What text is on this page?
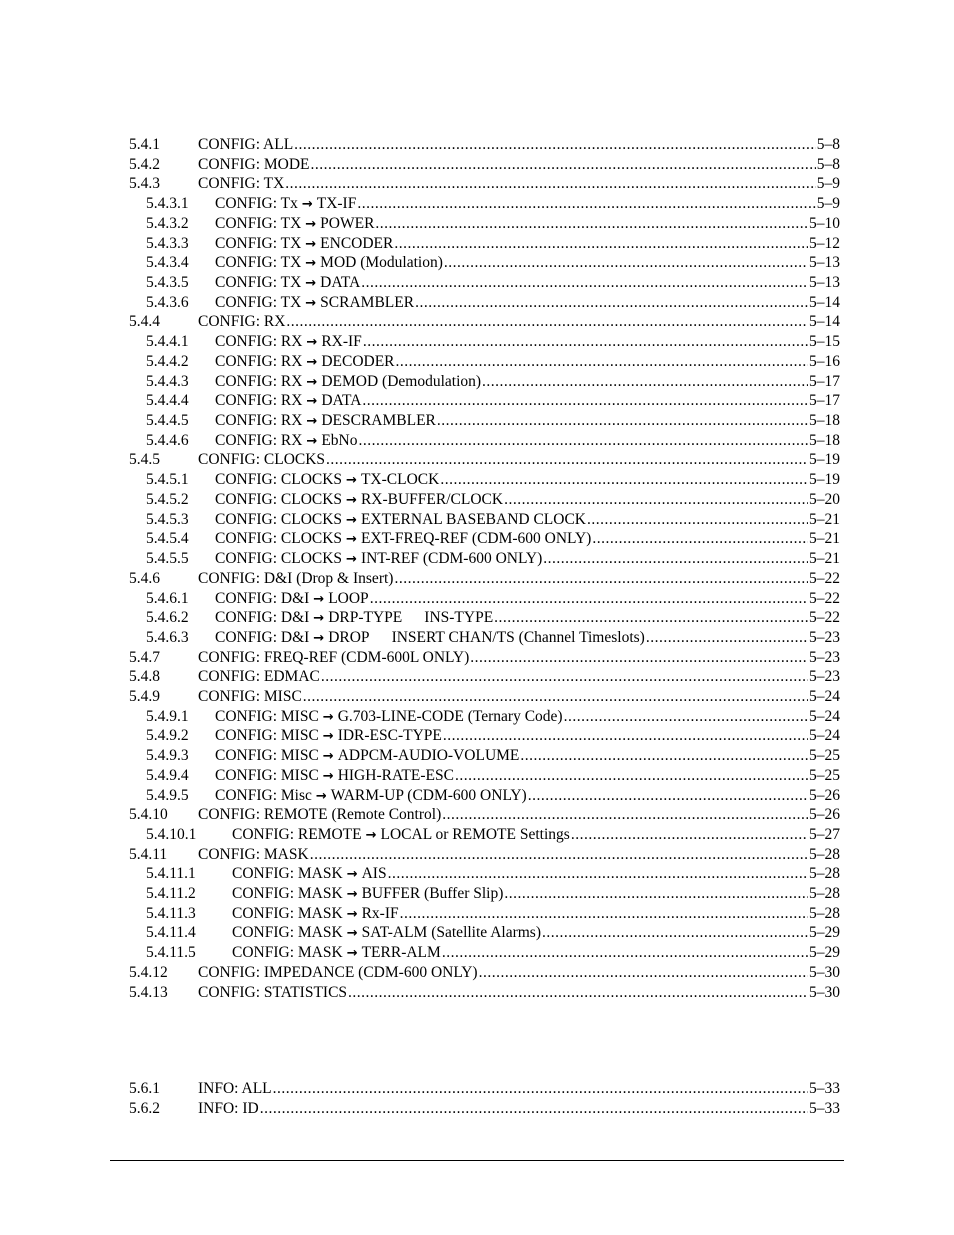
5.4.1 CONFIG: ALL .....	5–8
5.4.2 CONFIG: MODE .....	5–8
5.4.3 CONFIG: TX .....	5–9
5.4.3.1 CONFIG: Tx → TX-IF .....	5–9
5.4.3.2 CONFIG: TX → POWER .....	5–10
5.4.3.3 CONFIG: TX → ENCODER .....	5–12
5.4.3.4 CONFIG: TX → MOD (Modulation) .....	5–13
5.4.3.5 CONFIG: TX → DATA .....	5–13
5.4.3.6 CONFIG: TX → SCRAMBLER .....	5–14
5.4.4 CONFIG: RX .....	5–14
5.4.4.1 CONFIG: RX → RX-IF .....	5–15
5.4.4.2 CONFIG: RX → DECODER .....	5–16
5.4.4.3 CONFIG: RX → DEMOD (Demodulation) .....	5–17
5.4.4.4 CONFIG: RX → DATA .....	5–17
5.4.4.5 CONFIG: RX → DESCRAMBLER .....	5–18
5.4.4.6 CONFIG: RX → EbNo .....	5–18
5.4.5 CONFIG: CLOCKS .....	5–19
5.4.5.1 CONFIG: CLOCKS → TX-CLOCK .....	5–19
5.4.5.2 CONFIG: CLOCKS → RX-BUFFER/CLOCK .....	5–20
5.4.5.3 CONFIG: CLOCKS → EXTERNAL BASEBAND CLOCK .....	5–21
5.4.5.4 CONFIG: CLOCKS → EXT-FREQ-REF (CDM-600 ONLY) .....	5–21
5.4.5.5 CONFIG: CLOCKS → INT-REF (CDM-600 ONLY) .....	5–21
5.4.6 CONFIG: D&I (Drop & Insert) .....	5–22
5.4.6.1 CONFIG: D&I → LOOP .....	5–22
5.4.6.2 CONFIG: D&I → DRP-TYPE INS-TYPE .....	5–22
5.4.6.3 CONFIG: D&I → DROP INSERT CHAN/TS (Channel Timeslots) .....	5–23
5.4.7 CONFIG: FREQ-REF (CDM-600L ONLY) .....	5–23
5.4.8 CONFIG: EDMAC .....	5–23
5.4.9 CONFIG: MISC .....	5–24
5.4.9.1 CONFIG: MISC → G.703-LINE-CODE (Ternary Code) .....	5–24
5.4.9.2 CONFIG: MISC → IDR-ESC-TYPE .....	5–24
5.4.9.3 CONFIG: MISC → ADPCM-AUDIO-VOLUME .....	5–25
5.4.9.4 CONFIG: MISC → HIGH-RATE-ESC .....	5–25
5.4.9.5 CONFIG: Misc → WARM-UP (CDM-600 ONLY) .....	5–26
5.4.10 CONFIG: REMOTE (Remote Control) .....	5–26
5.4.10.1 CONFIG: REMOTE → LOCAL or REMOTE Settings .....	5–27
5.4.11 CONFIG: MASK .....	5–28
5.4.11.1 CONFIG: MASK → AIS .....	5–28
5.4.11.2 CONFIG: MASK → BUFFER (Buffer Slip) .....	5–28
5.4.11.3 CONFIG: MASK → Rx-IF .....	5–28
5.4.11.4 CONFIG: MASK → SAT-ALM (Satellite Alarms) .....	5–29
5.4.11.5 CONFIG: MASK → TERR-ALM .....	5–29
5.4.12 CONFIG: IMPEDANCE (CDM-600 ONLY) .....	5–30
5.4.13 CONFIG: STATISTICS .....	5–30
5.6.1 INFO: ALL .....	5–33
5.6.2 INFO: ID .....	5–33
